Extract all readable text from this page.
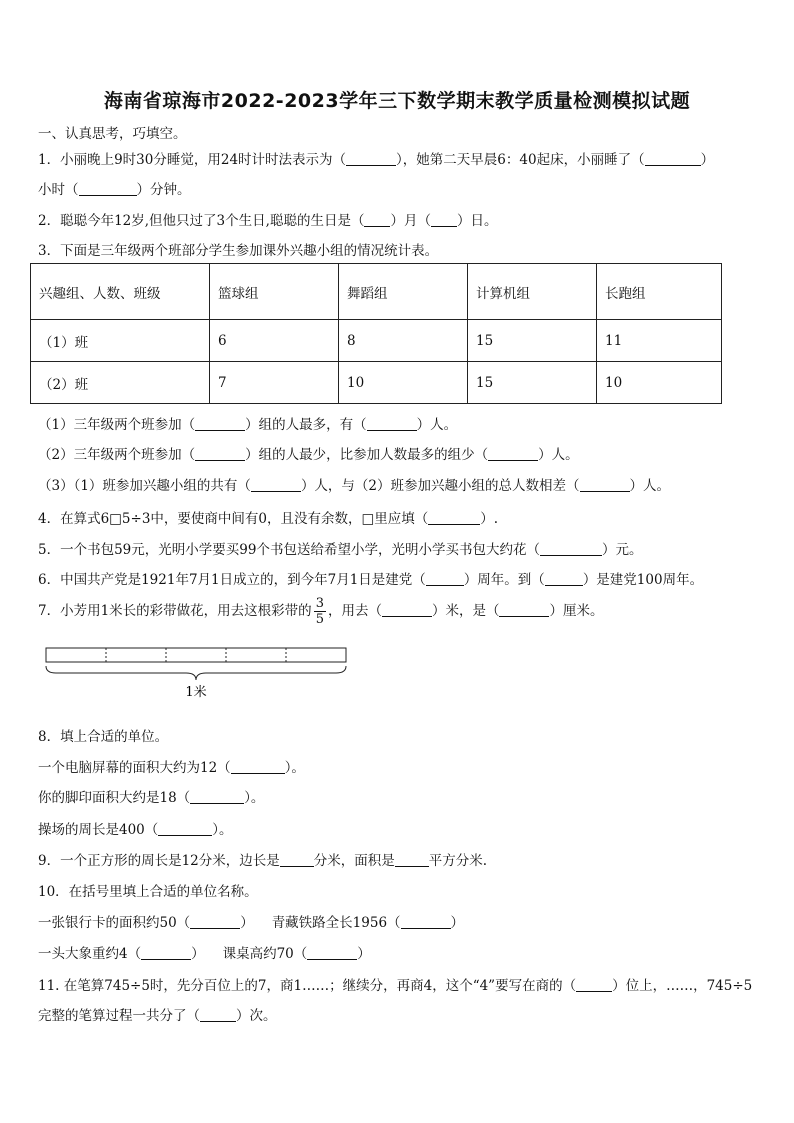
海南省琼海市2022-2023学年三下数学期末教学质量检测模拟试题
一、认真思考，巧填空。
1．小丽晚上9时30分睡觉，用24时计时法表示为（	），她第二天早晨6：40起床，小丽睡了（	）
小时（	）分钟。
2．聪聪今年12岁,但他只过了3个生日,聪聪的生日是（ ）月（ ）日。
3．下面是三年级两个班部分学生参加课外兴趣小组的情况统计表。
兴趣组、人数、班级	篮球组	舞蹈组	计算机组	长跑组
（1）班	6	8	15	11
（2）班	7	10	15	10
（1）三年级两个班参加（	）组的人最多，有（	）人。
（2）三年级两个班参加（	）组的人最少，比参加人数最多的组少（	）人。
（3）（1）班参加兴趣小组的共有（	）人，与（2）班参加兴趣小组的总人数相差（	）人。
4．在算式6□5÷3中，要使商中间有0，且没有余数，□里应填（	）.
5．一个书包59元，光明小学要买99个书包送给希望小学，光明小学买书包大约花（	）元。
6．中国共产党是1921年7月1日成立的，到今年7月1日是建党（	）周年。到（	）是建党100周年。
7．小芳用1米长的彩带做花，用去这根彩带的 $\frac{3}{5}$ ，用去（	）米，是（	）厘米。
1米
8．填上合适的单位。
一个电脑屏幕的面积大约为12（	）。
你的脚印面积大约是18（	）。
操场的周长是400（	）。
9．一个正方形的周长是12分米，边长是	分米，面积是	平方分米.
10．在括号里填上合适的单位名称。
一张银行卡的面积约50（	） 青藏铁路全长1956（	）
一头大象重约4（	） 课桌高约70（	）
11. 在笔算745÷5时，先分百位上的7，商1……；继续分，再商4，这个“4”要写在商的（	）位上，……，745÷5
完整的笔算过程一共分了（	）次。
